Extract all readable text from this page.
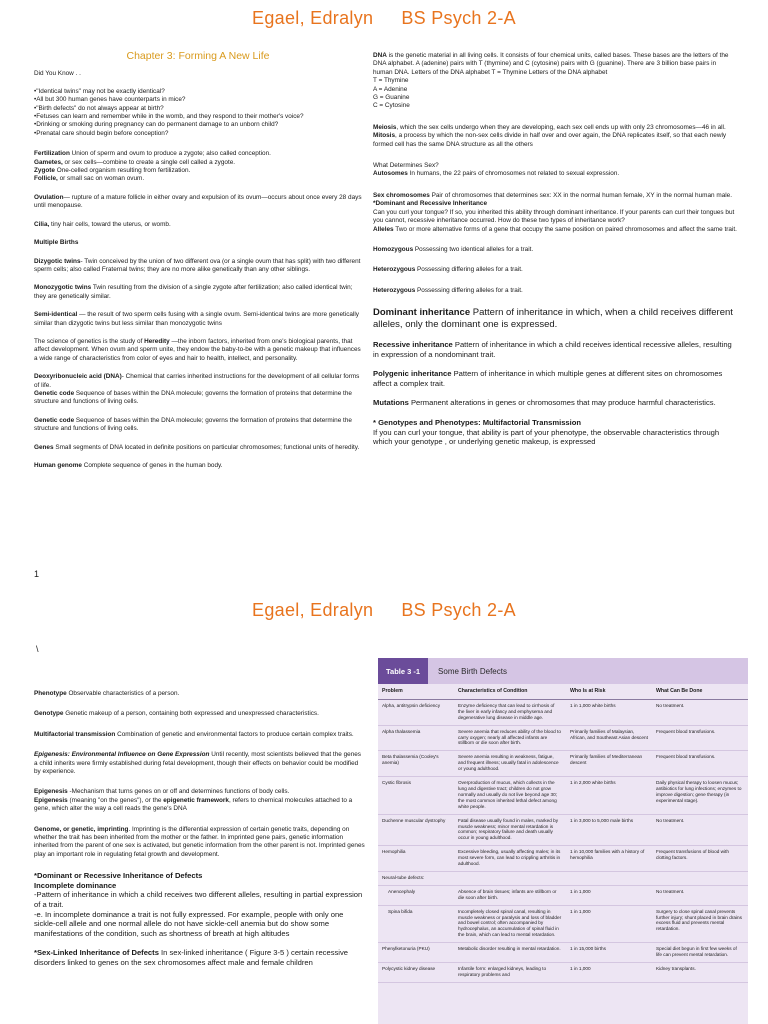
Egael, Edralyn BS Psych 2-A
Chapter 3: Forming A New Life

Did You Know . .

• "Identical twins" may not be exactly identical?
• All but 300 human genes have counterparts in mice?
• "Birth defects" do not always appear at birth?
• Fetuses can learn and remember while in the womb, and they respond to their mother's voice?
• Drinking or smoking during pregnancy can do permanent damage to an unborn child?
• Prenatal care should begin before conception?

Fertilization Union of sperm and ovum to produce a zygote; also called conception.
Gametes, or sex cells—combine to create a single cell called a zygote.
Zygote One-celled organism resulting from fertilization.
Follicle, or small sac on woman ovum.

Ovulation— rupture of a mature follicle in either ovary and expulsion of its ovum—occurs about once every 28 days until menopause.

Cilia, tiny hair cells, toward the uterus, or womb.

Multiple Births

Dizygotic twins- Twin conceived by the union of two different ova (or a single ovum that has split) with two different sperm cells; also called Fraternal twins; they are no more alike genetically than any other siblings.

Monozygotic twins Twin resulting from the division of a single zygote after fertilization; also called identical twin; they are genetically similar.

Semi-identical — the result of two sperm cells fusing with a single ovum. Semi-identical twins are more genetically similar than dizygotic twins but less similar than monozygotic twins

The science of genetics is the study of Heredity —the inborn factors, inherited from one's biological parents, that affect development. When ovum and sperm unite, they endow the baby-to-be with a genetic makeup that influences a wide range of characteristics from color of eyes and hair to health, intellect, and personality.

Deoxyribonucleic acid (DNA)- Chemical that carries inherited instructions for the development of all cellular forms of life.
Genetic code Sequence of bases within the DNA molecule; governs the formation of proteins that determine the structure and functions of living cells.

Genetic code Sequence of bases within the DNA molecule; governs the formation of proteins that determine the structure and functions of living cells.

Genes Small segments of DNA located in definite positions on particular chromosomes; functional units of heredity.

Human genome Complete sequence of genes in the human body.

DNA is the genetic material in all living cells. It consists of four chemical units, called bases. These bases are the letters of the DNA alphabet. A (adenine) pairs with T (thymine) and C (cytosine) pairs with G (guanine). There are 3 billion base pairs in human DNA. Letters of the DNA alphabet T = Thymine Letters of the DNA alphabet

T = Thymine
A = Adenine
G = Guanine
C = Cytosine

Meiosis, which the sex cells undergo when they are developing, each sex cell ends up with only 23 chromosomes—46 in all.

Mitosis, a process by which the non-sex cells divide in half over and over again, the DNA replicates itself, so that each newly formed cell has the same DNA structure as all the others

What Determines Sex?
Autosomes In humans, the 22 pairs of chromosomes not related to sexual expression.

Sex chromosomes Pair of chromosomes that determines sex: XX in the normal human female, XY in the normal human male.
*Dominant and Recessive Inheritance
Can you curl your tongue? If so, you inherited this ability through dominant inheritance. If your parents can curl their tongues but you cannot, recessive inheritance occurred. How do these two types of inheritance work?
Alleles Two or more alternative forms of a gene that occupy the same position on paired chromosomes and affect the same trait.

Homozygous Possessing two identical alleles for a trait.

Heterozygous Possessing differing alleles for a trait.

Heterozygous Possessing differing alleles for a trait.

Dominant inheritance Pattern of inheritance in which, when a child receives different alleles, only the dominant one is expressed.

Recessive inheritance Pattern of inheritance in which a child receives identical recessive alleles, resulting in expression of a nondominant trait.

Polygenic inheritance Pattern of inheritance in which multiple genes at different sites on chromosomes affect a complex trait.

Mutations Permanent alterations in genes or chromosomes that may produce harmful characteristics.

* Genotypes and Phenotypes: Multifactorial Transmission
If you can curl your tongue, that ability is part of your phenotype, the observable characteristics through which your genotype , or underlying genetic makeup, is expressed

1
Egael, Edralyn BS Psych 2-A
\

Phenotype Observable characteristics of a person.

Genotype Genetic makeup of a person, containing both expressed and unexpressed characteristics.

Multifactorial transmission Combination of genetic and environmental factors to produce certain complex traits.

Epigenesis: Environmental Influence on Gene Expression Until recently, most scientists believed that the genes a child inherits were firmly established during fetal development, though their effects on behavior could be modified by experience.

Epigenesis -Mechanism that turns genes on or off and determines functions of body cells.
Epigenesis (meaning "on the genes"), or the epigenetic framework, refers to chemical molecules attached to a gene, which alter the way a cell reads the gene's DNA

Genome, or genetic, imprinting. Imprinting is the differential expression of certain genetic traits, depending on whether the trait has been inherited from the mother or the father. In imprinted gene pairs, genetic information inherited from the parent of one sex is activated, but genetic information from the other parent is not. Imprinted genes play an important role in regulating fetal growth and development.

*Dominant or Recessive Inheritance of Defects
Incomplete dominance
-Pattern of inheritance in which a child receives two different alleles, resulting in partial expression of a trait.
-e. In incomplete dominance a trait is not fully expressed. For example, people with only one sickle-cell allele and one normal allele do not have sickle-cell anemia but do show some manifestations of the condition, such as shortness of breath at high altitudes

*Sex-Linked Inheritance of Defects In sex-linked inheritance ( Figure 3-5 ) certain recessive disorders linked to genes on the sex chromosomes affect male and female children

Table 3 -1	Some Birth Defects
Problem	Characteristics of Condition	Who Is at Risk	What Can Be Done
Alpha, antitrypsin deficiency	Enzyme deficiency that can lead to cirrhosis of the liver in early infancy and emphysema and degenerative lung disease in middle age.	1 in 1,000 white births	No treatment.
Alpha thalassemia	Severe anemia that reduces ability of the blood to carry oxygen; nearly all affected infants are stillborn or die soon after birth.	Primarily families of Malaysian, African, and Southeast Asian descent	Frequent blood transfusions.
Beta thalassemia (Cooley's anemia)	Severe anemia resulting in weakness, fatigue, and frequent illness; usually fatal in adolescence or young adulthood.	Primarily families of Mediterranean descent	Frequent blood transfusions.
Cystic fibrosis	Overproduction of mucus, which collects in the lung and digestive tract; children do not grow normally and usually do not live beyond age 30; the most common inherited lethal defect among white people.	1 in 2,000 white births	Daily physical therapy to loosen mucus; antibiotics for lung infections; enzymes to improve digestion; gene therapy (in experimental stage).
Duchenne muscular dystrophy	Fatal disease usually found in males, marked by muscle weakness; minor mental retardation is common; respiratory failure and death usually occur in young adulthood.	1 in 3,000 to 5,000 male births	No treatment.
Hemophilia	Excessive bleeding, usually affecting males; in its most severe form, can lead to crippling arthritis in adulthood.	1 in 10,000 families with a history of hemophilia	Frequent transfusions of blood with clotting factors.
Neural-tube defects:			
Anencephaly	Absence of brain tissues; infants are stillborn or die soon after birth.	1 in 1,000	No treatment.
Spina bifida	Incompletely closed spinal canal, resulting in muscle weakness or paralysis and loss of bladder and bowel control; often accompanied by hydrocephalus, an accumulation of spinal fluid in the brain, which can lead to mental retardation.	1 in 1,000	Surgery to close spinal canal prevents further injury; shunt placed in brain drains excess fluid and prevents mental retardation.
Phenylketonuria (PKU)	Metabolic disorder resulting in mental retardation.	1 in 15,000 births	Special diet begun in first few weeks of life can prevent mental retardation.
Polycystic kidney disease	Infantile form: enlarged kidneys, leading to respiratory problems and	1 in 1,000	Kidney transplants.
